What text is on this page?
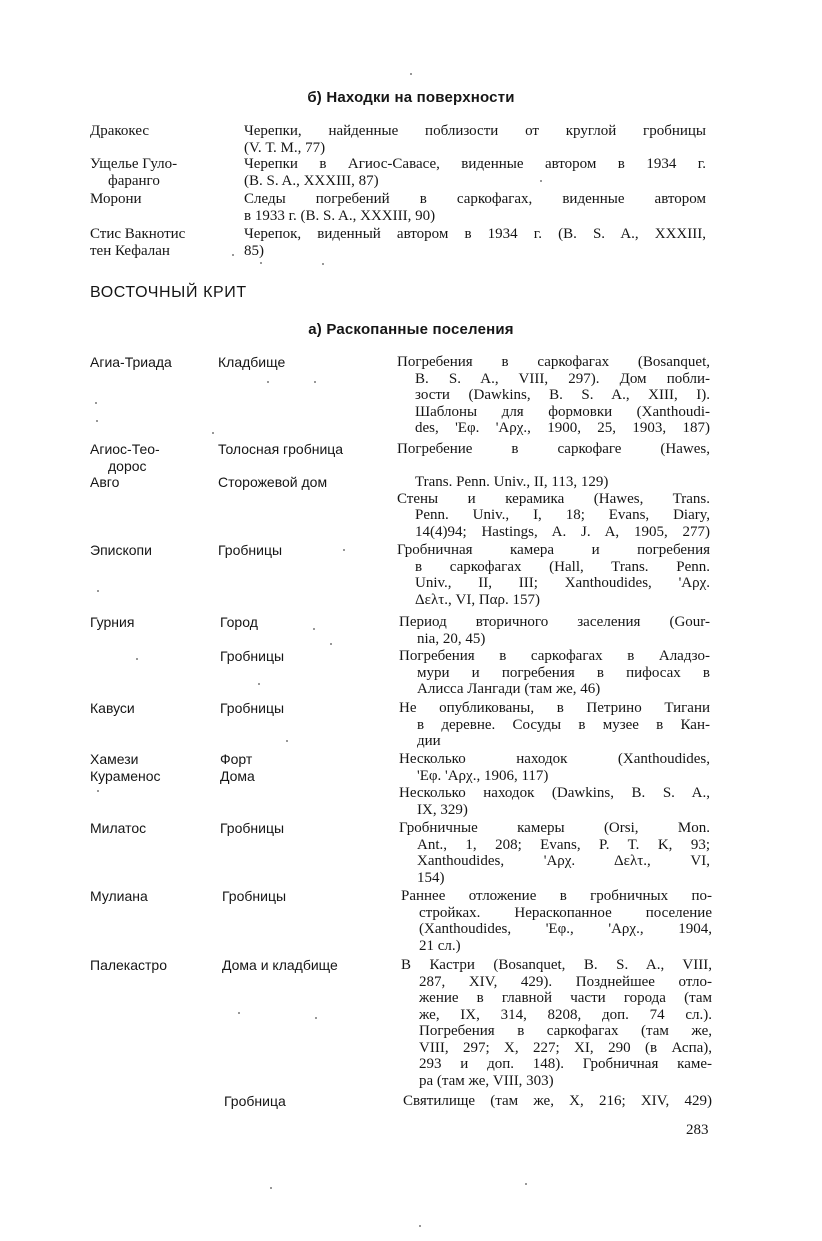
б) Находки на поверхности
Дракокес
Ущелье Гуло-
фаранго
Морони
Стис Вакнотис
тен Кефалан
Черепки, найденные поблизости от круглой гробницы
(V. Т. М., 77)
Черепки в Агиос-Савасе, виденные автором в 1934 г.
(B. S. A., XXXIII, 87)
Следы погребений в саркофагах, виденные автором
в 1933 г. (B. S. A., XXXIII, 90)
Черепок, виденный автором в 1934 г. (B. S. A., XXXIII,
85)
ВОСТОЧНЫЙ КРИТ
а) Раскопанные поселения
Агиа-Триада
Агиос-Тео-
дорос
Авго
Эпископи
Гурния
Кавуси
Хамези
Кураменос
Милатос
Мулиана
Палекастро
Кладбище
Толосная гробница
Сторожевой дом
Гробницы
Город
Гробницы
Гробницы
Форт
Дома
Гробницы
Гробницы
Дома и кладбище
Гробница
Погребения в саркофагах (Bosanquet,
B. S. A., VIII, 297). Дом побли-
зости (Dawkins, B. S. A., XIII, I).
Шаблоны для формовки (Xanthoudi-
des, 'Εφ. 'Αρχ., 1900, 25, 1903, 187)
Погребение в саркофаге (Hawes,
Trans. Penn. Univ., II, 113, 129)
Стены и керамика (Hawes, Trans.
Penn. Univ., I, 18; Evans, Diary,
14(4)94; Hastings, A. J. A, 1905, 277)
Гробничная камера и погребения
в саркофагах (Hall, Trans. Penn.
Univ., II, III; Xanthoudides, 'Αρχ.
Δελτ., VI, Παρ. 157)
Период вторичного заселения (Gour-
nia, 20, 45)
Погребения в саркофагах в Аладзо-
мури и погребения в пифосах в
Алисса Лангади (там же, 46)
Не опубликованы, в Петрино Тигани
в деревне. Сосуды в музее в Кан-
дии
Несколько находок (Xanthoudides,
'Εφ. 'Αρχ., 1906, 117)
Несколько находок (Dawkins, B. S. A.,
IX, 329)
Гробничные камеры (Orsi, Mon.
Ant., 1, 208; Evans, P. T. K, 93;
Xanthoudides, 'Αρχ. Δελτ., VI,
154)
Раннее отложение в гробничных по-
стройках. Нераскопанное поселение
(Xanthoudides, 'Εφ., 'Αρχ., 1904,
21 сл.)
В Кастри (Bosanquet, B. S. A., VIII,
287, XIV, 429). Позднейшее отло-
жение в главной части города (там
же, IX, 314, 8208, доп. 74 сл.).
Погребения в саркофагах (там же,
VIII, 297; X, 227; XI, 290 (в Аспа),
293 и доп. 148). Гробничная каме-
ра (там же, VIII, 303)
Святилище (там же, X, 216; XIV, 429)
283
